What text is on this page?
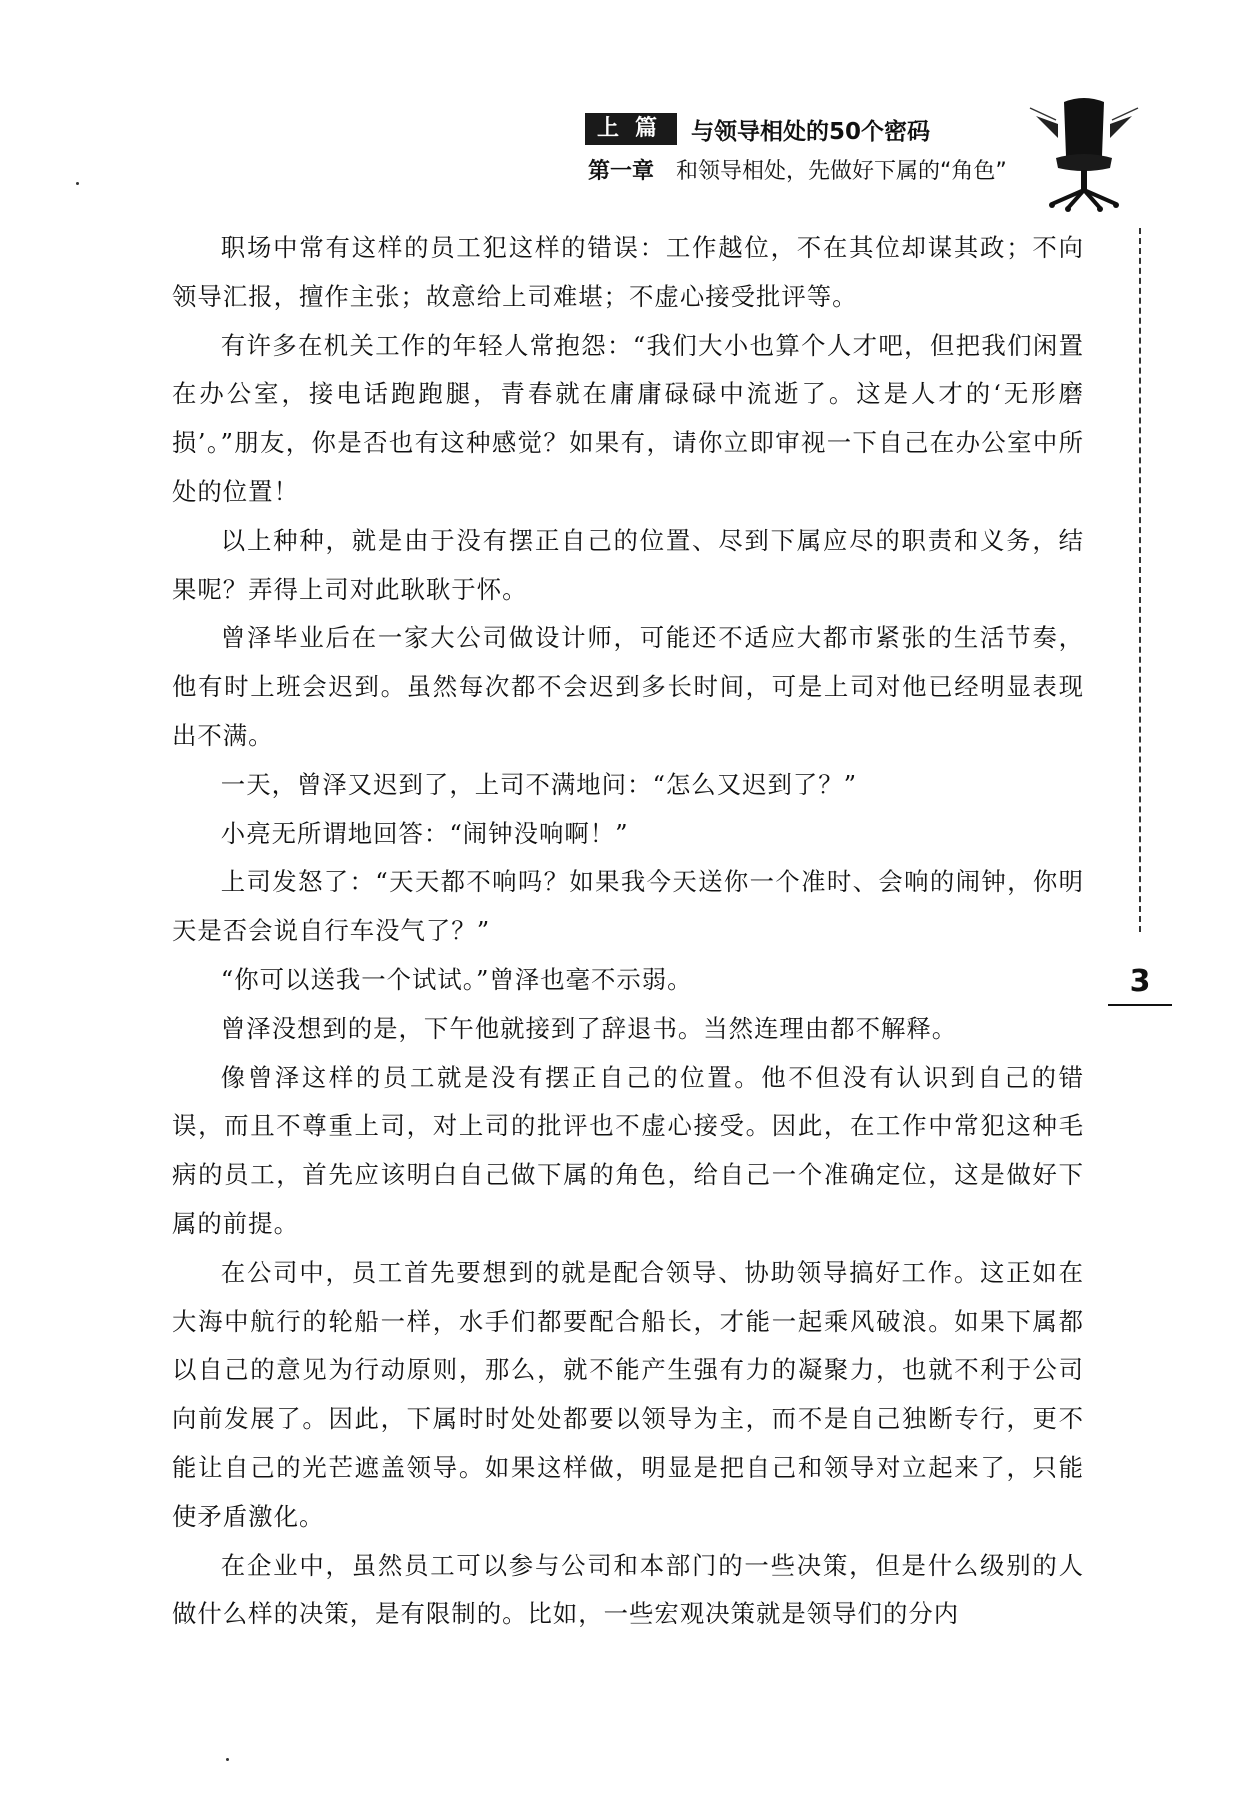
上篇 与领导相处的50个密码
第一章 和领导相处，先做好下属的“角色”
3

职场中常有这样的员工犯这样的错误：工作越位，不在其位却谋其政；不向领导汇报，擅作主张；故意给上司难堪；不虚心接受批评等。

有许多在机关工作的年轻人常抱怨：“我们大小也算个人才吧，但把我们闲置在办公室，接电话跑跑腿，青春就在庸庸碌碌中流逝了。这是人才的‘无形磨损’。”朋友，你是否也有这种感觉？如果有，请你立即审视一下自己在办公室中所处的位置！

以上种种，就是由于没有摆正自己的位置、尽到下属应尽的职责和义务，结果呢？弄得上司对此耿耿于怀。

曾泽毕业后在一家大公司做设计师，可能还不适应大都市紧张的生活节奏，他有时上班会迟到。虽然每次都不会迟到多长时间，可是上司对他已经明显表现出不满。

一天，曾泽又迟到了，上司不满地问：“怎么又迟到了？”

小亮无所谓地回答：“闹钟没响啊！”

上司发怒了：“天天都不响吗？如果我今天送你一个准时、会响的闹钟，你明天是否会说自行车没气了？”

“你可以送我一个试试。”曾泽也毫不示弱。

曾泽没想到的是，下午他就接到了辞退书。当然连理由都不解释。

像曾泽这样的员工就是没有摆正自己的位置。他不但没有认识到自己的错误，而且不尊重上司，对上司的批评也不虚心接受。因此，在工作中常犯这种毛病的员工，首先应该明白自己做下属的角色，给自己一个准确定位，这是做好下属的前提。

在公司中，员工首先要想到的就是配合领导、协助领导搞好工作。这正如在大海中航行的轮船一样，水手们都要配合船长，才能一起乘风破浪。如果下属都以自己的意见为行动原则，那么，就不能产生强有力的凝聚力，也就不利于公司向前发展了。因此，下属时时处处都要以领导为主，而不是自己独断专行，更不能让自己的光芒遮盖领导。如果这样做，明显是把自己和领导对立起来了，只能使矛盾激化。

在企业中，虽然员工可以参与公司和本部门的一些决策，但是什么级别的人做什么样的决策，是有限制的。比如，一些宏观决策就是领导们的分内
